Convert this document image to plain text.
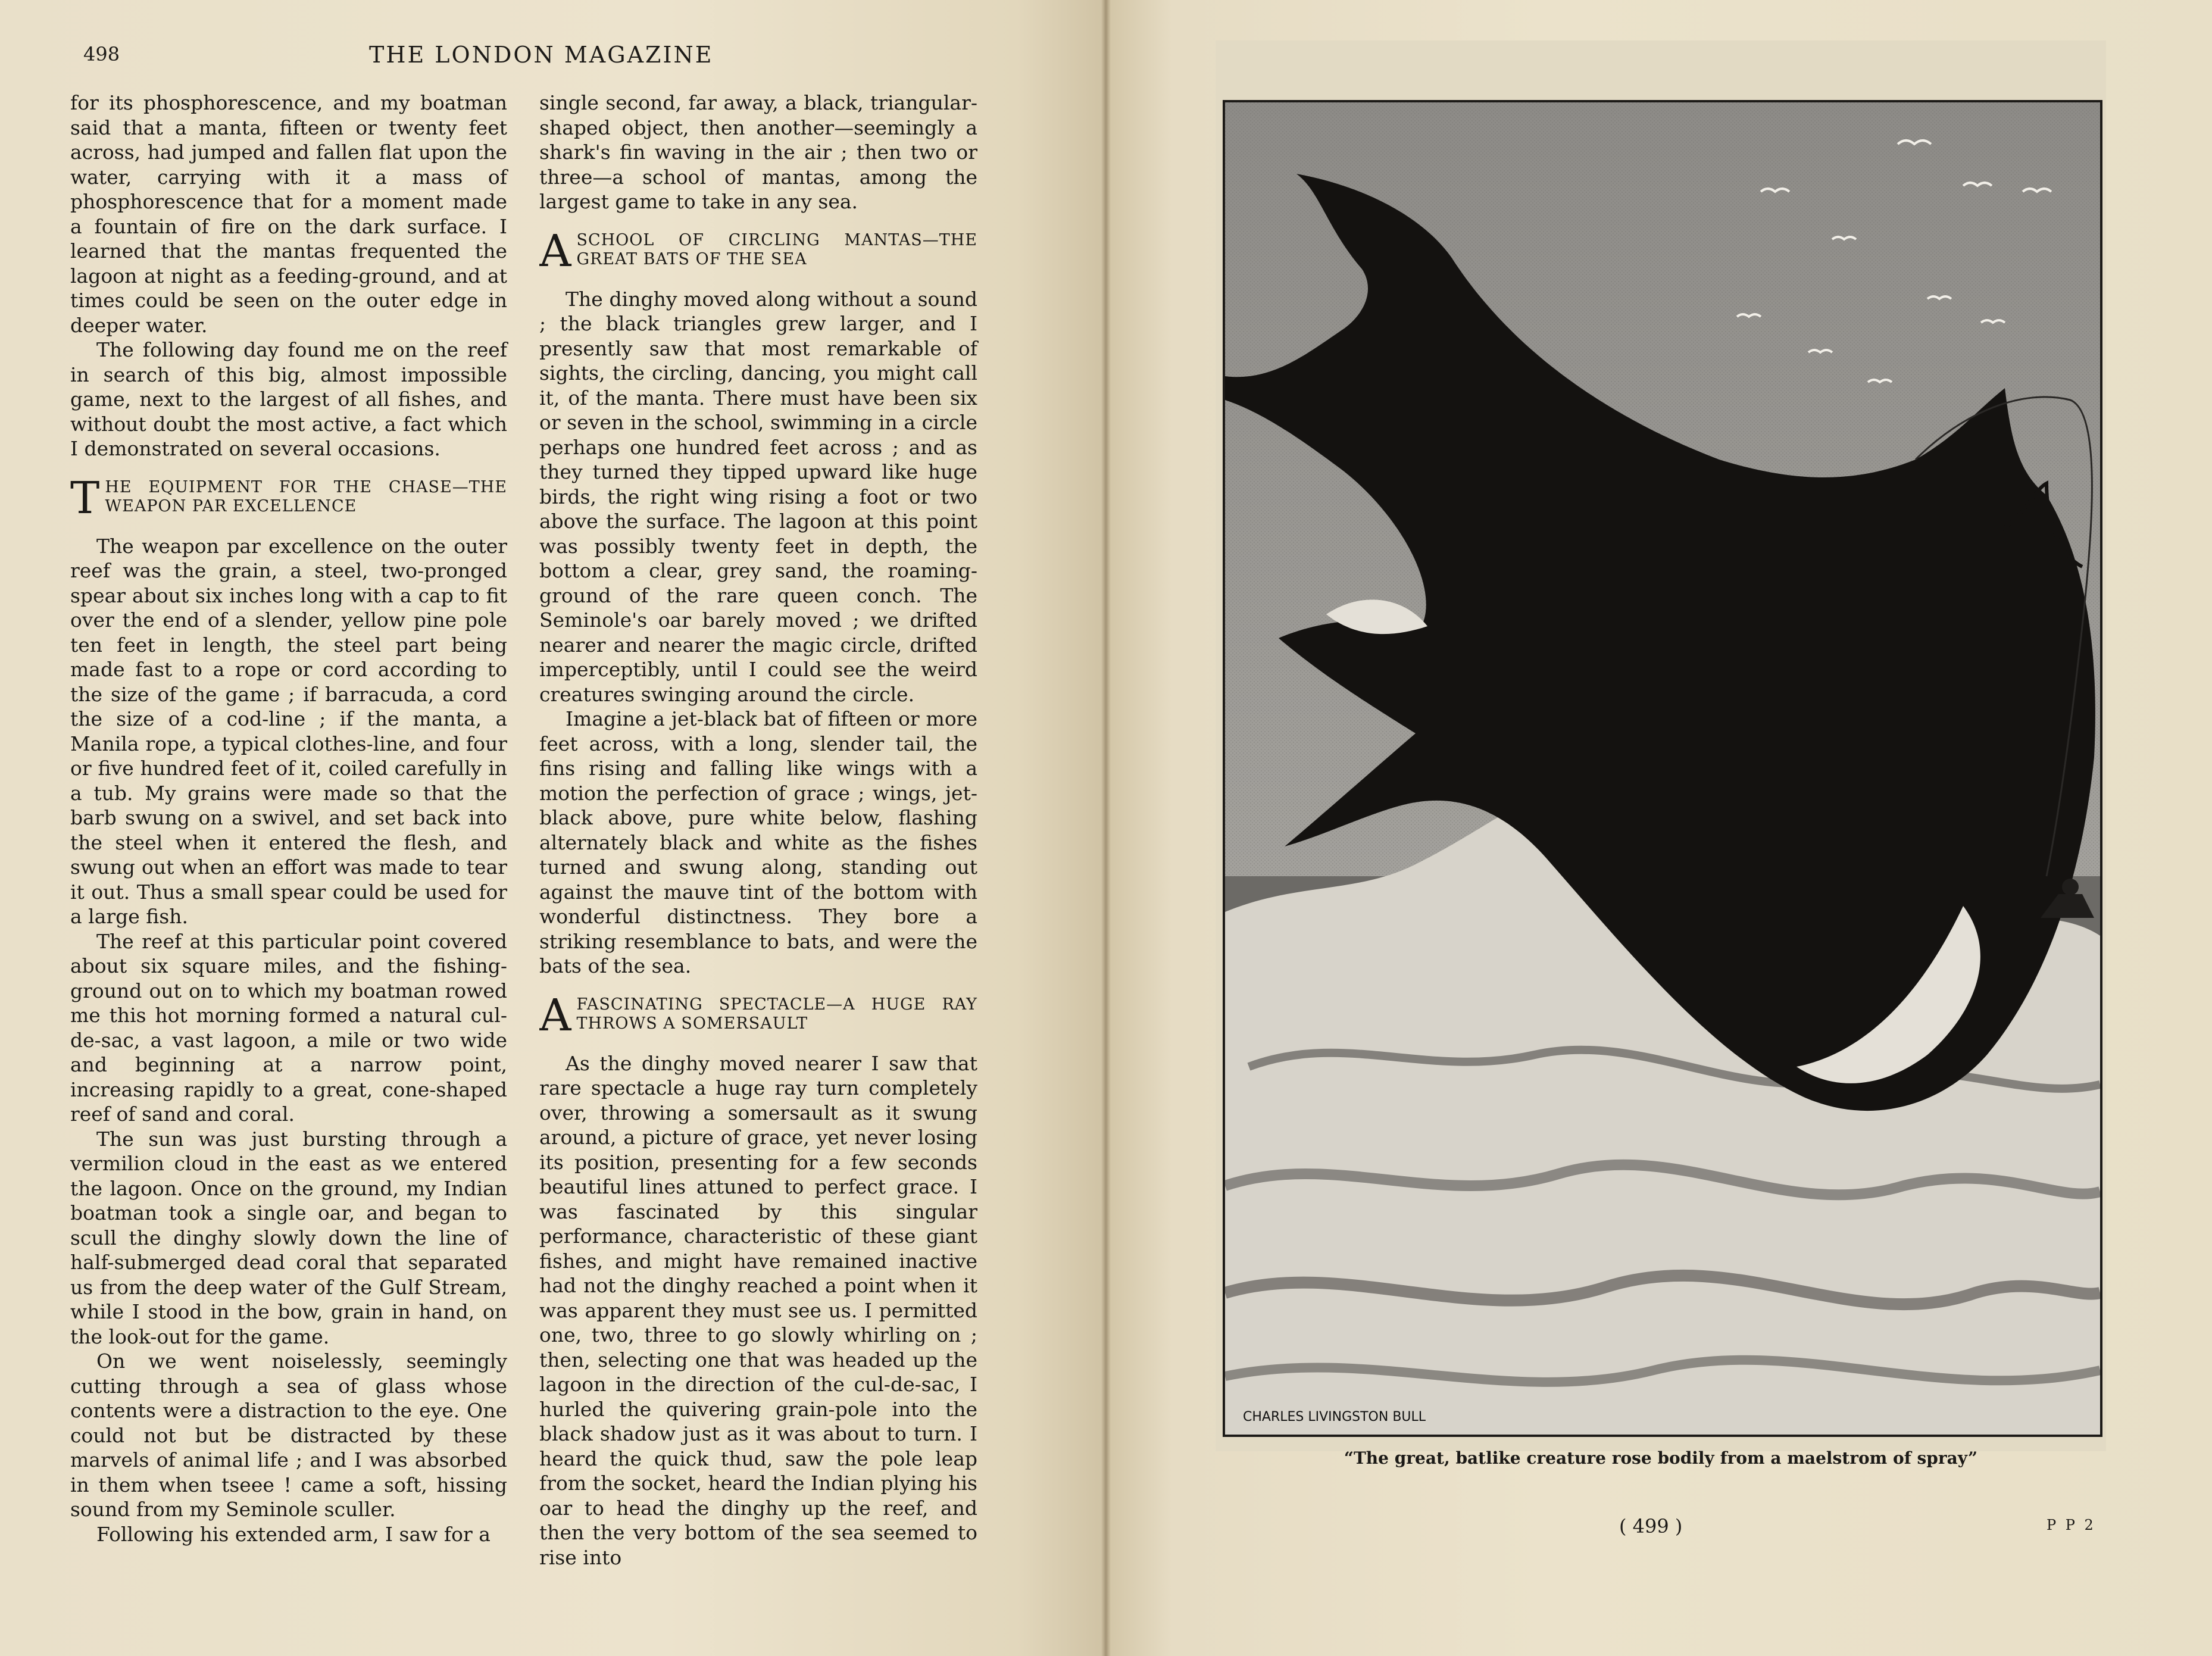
498	THE LONDON MAGAZINE

for its phosphorescence, and my boatman said that a manta, fifteen or twenty feet across, had jumped and fallen flat upon the water, carrying with it a mass of phosphorescence that for a moment made a fountain of fire on the dark surface. I learned that the mantas frequented the lagoon at night as a feeding-ground, and at times could be seen on the outer edge in deeper water.

The following day found me on the reef in search of this big, almost impossible game, next to the largest of all fishes, and without doubt the most active, a fact which I demonstrated on several occasions.

T HE EQUIPMENT FOR THE CHASE—THE WEAPON PAR EXCELLENCE

The weapon par excellence on the outer reef was the grain, a steel, two-pronged spear about six inches long with a cap to fit over the end of a slender, yellow pine pole ten feet in length, the steel part being made fast to a rope or cord according to the size of the game ; if barracuda, a cord the size of a cod-line ; if the manta, a Manila rope, a typical clothes-line, and four or five hundred feet of it, coiled carefully in a tub. My grains were made so that the barb swung on a swivel, and set back into the steel when it entered the flesh, and swung out when an effort was made to tear it out. Thus a small spear could be used for a large fish.

The reef at this particular point covered about six square miles, and the fishing-ground out on to which my boatman rowed me this hot morning formed a natural cul-de-sac, a vast lagoon, a mile or two wide and beginning at a narrow point, increasing rapidly to a great, cone-shaped reef of sand and coral.

The sun was just bursting through a vermilion cloud in the east as we entered the lagoon. Once on the ground, my Indian boatman took a single oar, and began to scull the dinghy slowly down the line of half-submerged dead coral that separated us from the deep water of the Gulf Stream, while I stood in the bow, grain in hand, on the look-out for the game.

On we went noiselessly, seemingly cutting through a sea of glass whose contents were a distraction to the eye. One could not but be distracted by these marvels of animal life ; and I was absorbed in them when tseee ! came a soft, hissing sound from my Seminole sculler.

Following his extended arm, I saw for a

single second, far away, a black, triangular-shaped object, then another—seemingly a shark's fin waving in the air ; then two or three—a school of mantas, among the largest game to take in any sea.

A SCHOOL OF CIRCLING MANTAS—THE GREAT BATS OF THE SEA

The dinghy moved along without a sound ; the black triangles grew larger, and I presently saw that most remarkable of sights, the circling, dancing, you might call it, of the manta. There must have been six or seven in the school, swimming in a circle perhaps one hundred feet across ; and as they turned they tipped upward like huge birds, the right wing rising a foot or two above the surface. The lagoon at this point was possibly twenty feet in depth, the bottom a clear, grey sand, the roaming-ground of the rare queen conch. The Seminole's oar barely moved ; we drifted nearer and nearer the magic circle, drifted imperceptibly, until I could see the weird creatures swinging around the circle.

Imagine a jet-black bat of fifteen or more feet across, with a long, slender tail, the fins rising and falling like wings with a motion the perfection of grace ; wings, jet-black above, pure white below, flashing alternately black and white as the fishes turned and swung along, standing out against the mauve tint of the bottom with wonderful distinctness. They bore a striking resemblance to bats, and were the bats of the sea.

A FASCINATING SPECTACLE—A HUGE RAY THROWS A SOMERSAULT

As the dinghy moved nearer I saw that rare spectacle a huge ray turn completely over, throwing a somersault as it swung around, a picture of grace, yet never losing its position, presenting for a few seconds beautiful lines attuned to perfect grace. I was fascinated by this singular performance, characteristic of these giant fishes, and might have remained inactive had not the dinghy reached a point when it was apparent they must see us. I permitted one, two, three to go slowly whirling on ; then, selecting one that was headed up the lagoon in the direction of the cul-de-sac, I hurled the quivering grain-pole into the black shadow just as it was about to turn. I heard the quick thud, saw the pole leap from the socket, heard the Indian plying his oar to head the dinghy up the reef, and then the very bottom of the sea seemed to rise into

CHARLES LIVINGSTON BULL
“The great, batlike creature rose bodily from a maelstrom of spray”
( 499 )	P P 2
